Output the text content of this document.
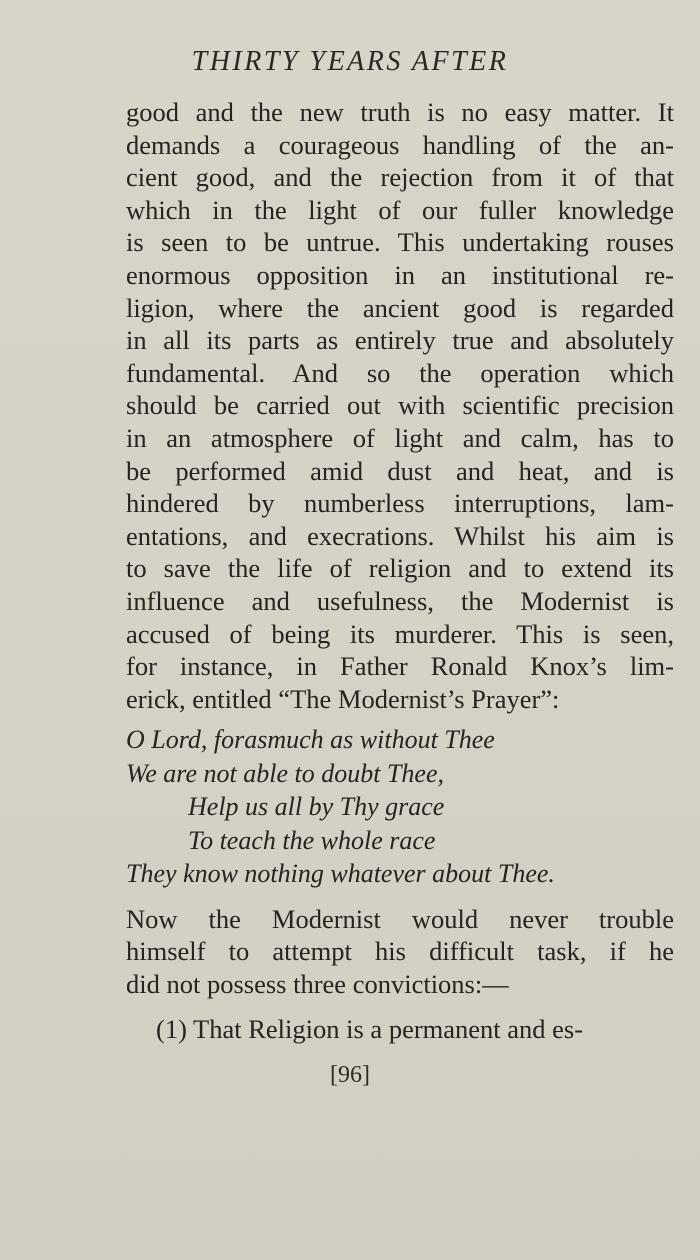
THIRTY YEARS AFTER
good and the new truth is no easy matter. It
demands a courageous handling of the an-
cient good, and the rejection from it of that
which in the light of our fuller knowledge
is seen to be untrue. This undertaking rouses
enormous opposition in an institutional re-
ligion, where the ancient good is regarded
in all its parts as entirely true and absolutely
fundamental. And so the operation which
should be carried out with scientific precision
in an atmosphere of light and calm, has to
be performed amid dust and heat, and is
hindered by numberless interruptions, lam-
entations, and execrations. Whilst his aim is
to save the life of religion and to extend its
influence and usefulness, the Modernist is
accused of being its murderer. This is seen,
for instance, in Father Ronald Knox’s lim-
erick, entitled “The Modernist’s Prayer”:
O Lord, forasmuch as without Thee
We are not able to doubt Thee,
Help us all by Thy grace
To teach the whole race
They know nothing whatever about Thee.
Now the Modernist would never trouble
himself to attempt his difficult task, if he
did not possess three convictions:—
(1) That Religion is a permanent and es-
[96]
